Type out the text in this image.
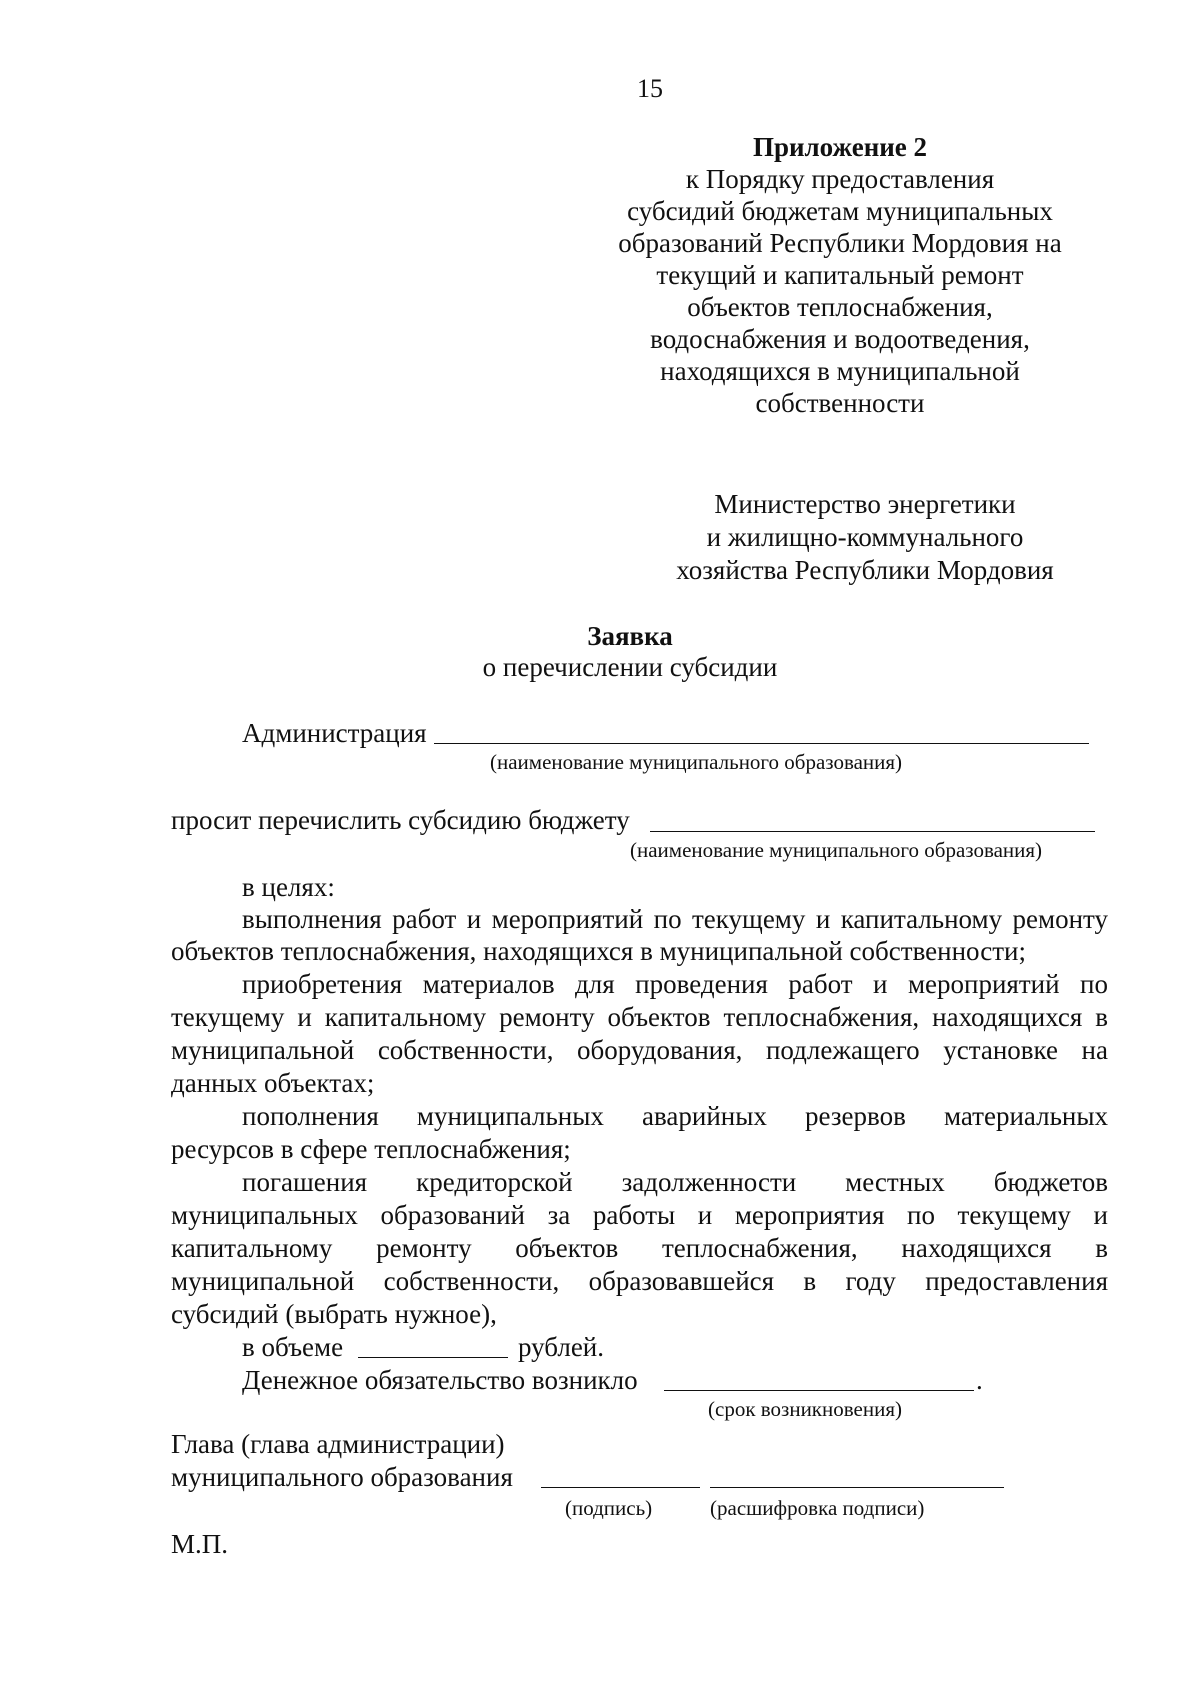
15
Приложение 2
к Порядку предоставления
субсидий бюджетам муниципальных
образований Республики Мордовия на
текущий и капитальный ремонт
объектов теплоснабжения,
водоснабжения и водоотведения,
находящихся в муниципальной
собственности
Министерство энергетики
и жилищно-коммунального
хозяйства Республики Мордовия
Заявка
о перечислении субсидии
Администрация
(наименование муниципального образования)
просит перечислить субсидию бюджету
(наименование муниципального образования)
в целях:
выполнения работ и мероприятий по текущему и капитальному ремонту
объектов теплоснабжения, находящихся в муниципальной собственности;
приобретения материалов для проведения работ и мероприятий по
текущему и капитальному ремонту объектов теплоснабжения, находящихся в
муниципальной собственности, оборудования, подлежащего установке на
данных объектах;
пополнения муниципальных аварийных резервов материальных
ресурсов в сфере теплоснабжения;
погашения кредиторской задолженности местных бюджетов
муниципальных образований за работы и мероприятия по текущему и
капитальному ремонту объектов теплоснабжения, находящихся в
муниципальной собственности, образовавшейся в году предоставления
субсидий (выбрать нужное),
в объеме	рублей.
Денежное обязательство возникло	.
(срок возникновения)
Глава (глава администрации)
муниципального образования
(подпись)	(расшифровка подписи)
М.П.
